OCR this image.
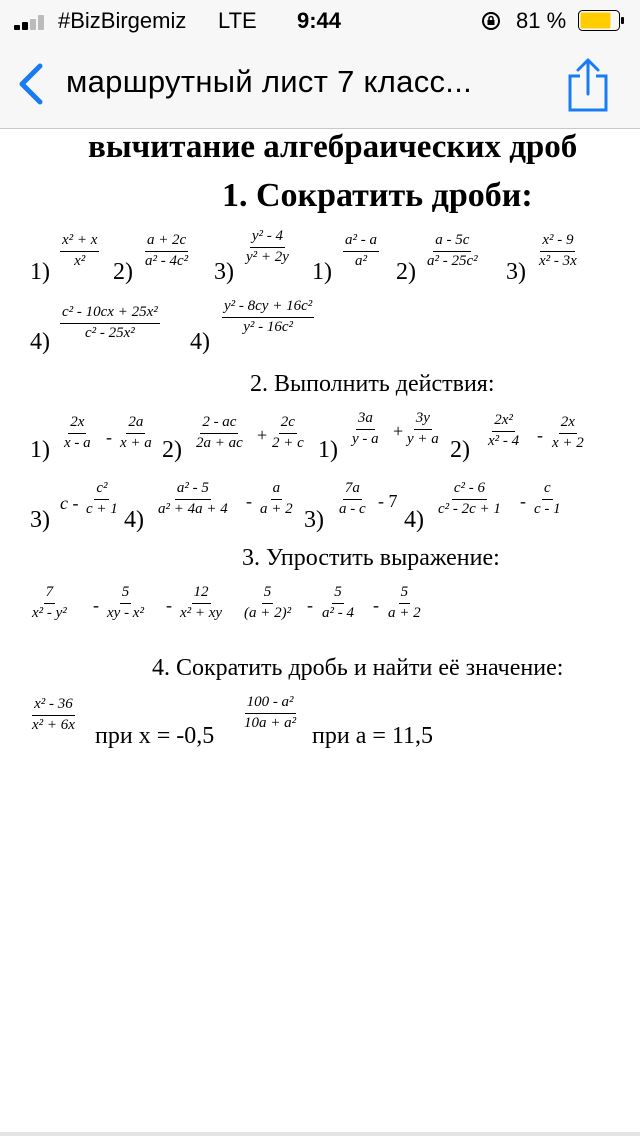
#BizBirgemiz LTE 9:44	81 %
маршрутный лист 7 класс...
вычитание алгебраических дроб
1. Сократить дроби:
1)
$\frac{\text{x² + x}}{\text{x²}}$
2)
$\frac{a + 2c}{\text{a² - 4c²}}$
3)
$\frac{\text{y² - 4}}{\text{y² + 2y}}$
1)
$\frac{\text{a² - a}}{\text{a²}}$
2)
$\frac{a - 5c}{\text{a² - 25c²}}$
3)
$\frac{\text{x² - 9}}{\text{x² - 3x}}$
4)
$\frac{\text{c² - 10cx + 25x²}}{\text{c² - 25x²}}$
4)
$\frac{\text{y² - 8cy + 16c²}}{\text{y² - 16c²}}$
2. Выполнить действия:
$1) \frac{2x}{x - a} - \frac{2a}{x + a} 2) \frac{2 - ac}{2a + ac} + \frac{2c}{2 + c} 1$)
$\frac{3a}{y - a} + \frac{3y}{y + a}$
2)
$\frac{\text{2x²}}{\text{x² - 4}} - \frac{2x}{x + 2}$
3)
c - $\frac{\text{c²}}{c + 1}$
4)
$\frac{\text{a² - 5}}{\text{a² + 4a + 4}} - \frac{a}{a + 2}$
3)
$\frac{7a}{a - c} - 7$
4)
$\frac{\text{c² - 6}}{\text{c² - 2c + 1}} - \frac{c}{c - 1}$
3. Упростить выражение:
$\frac{7}{\text{x² - y²}} - \frac{5}{\text{xy - x²}} - \frac{12}{\text{x² + xy}} \frac{5}{\text{(a + 2)²}} - \frac{5}{\text{a² - 4}} - \frac{5}{a + 2}$
4. Сократить дробь и найти её значение:
$\frac{\text{x² - 36}}{\text{x² + 6x}}$
при x = -0,5
$\frac{\text{100 - a²}}{\text{10a + a²}}$
при a = 11,5
